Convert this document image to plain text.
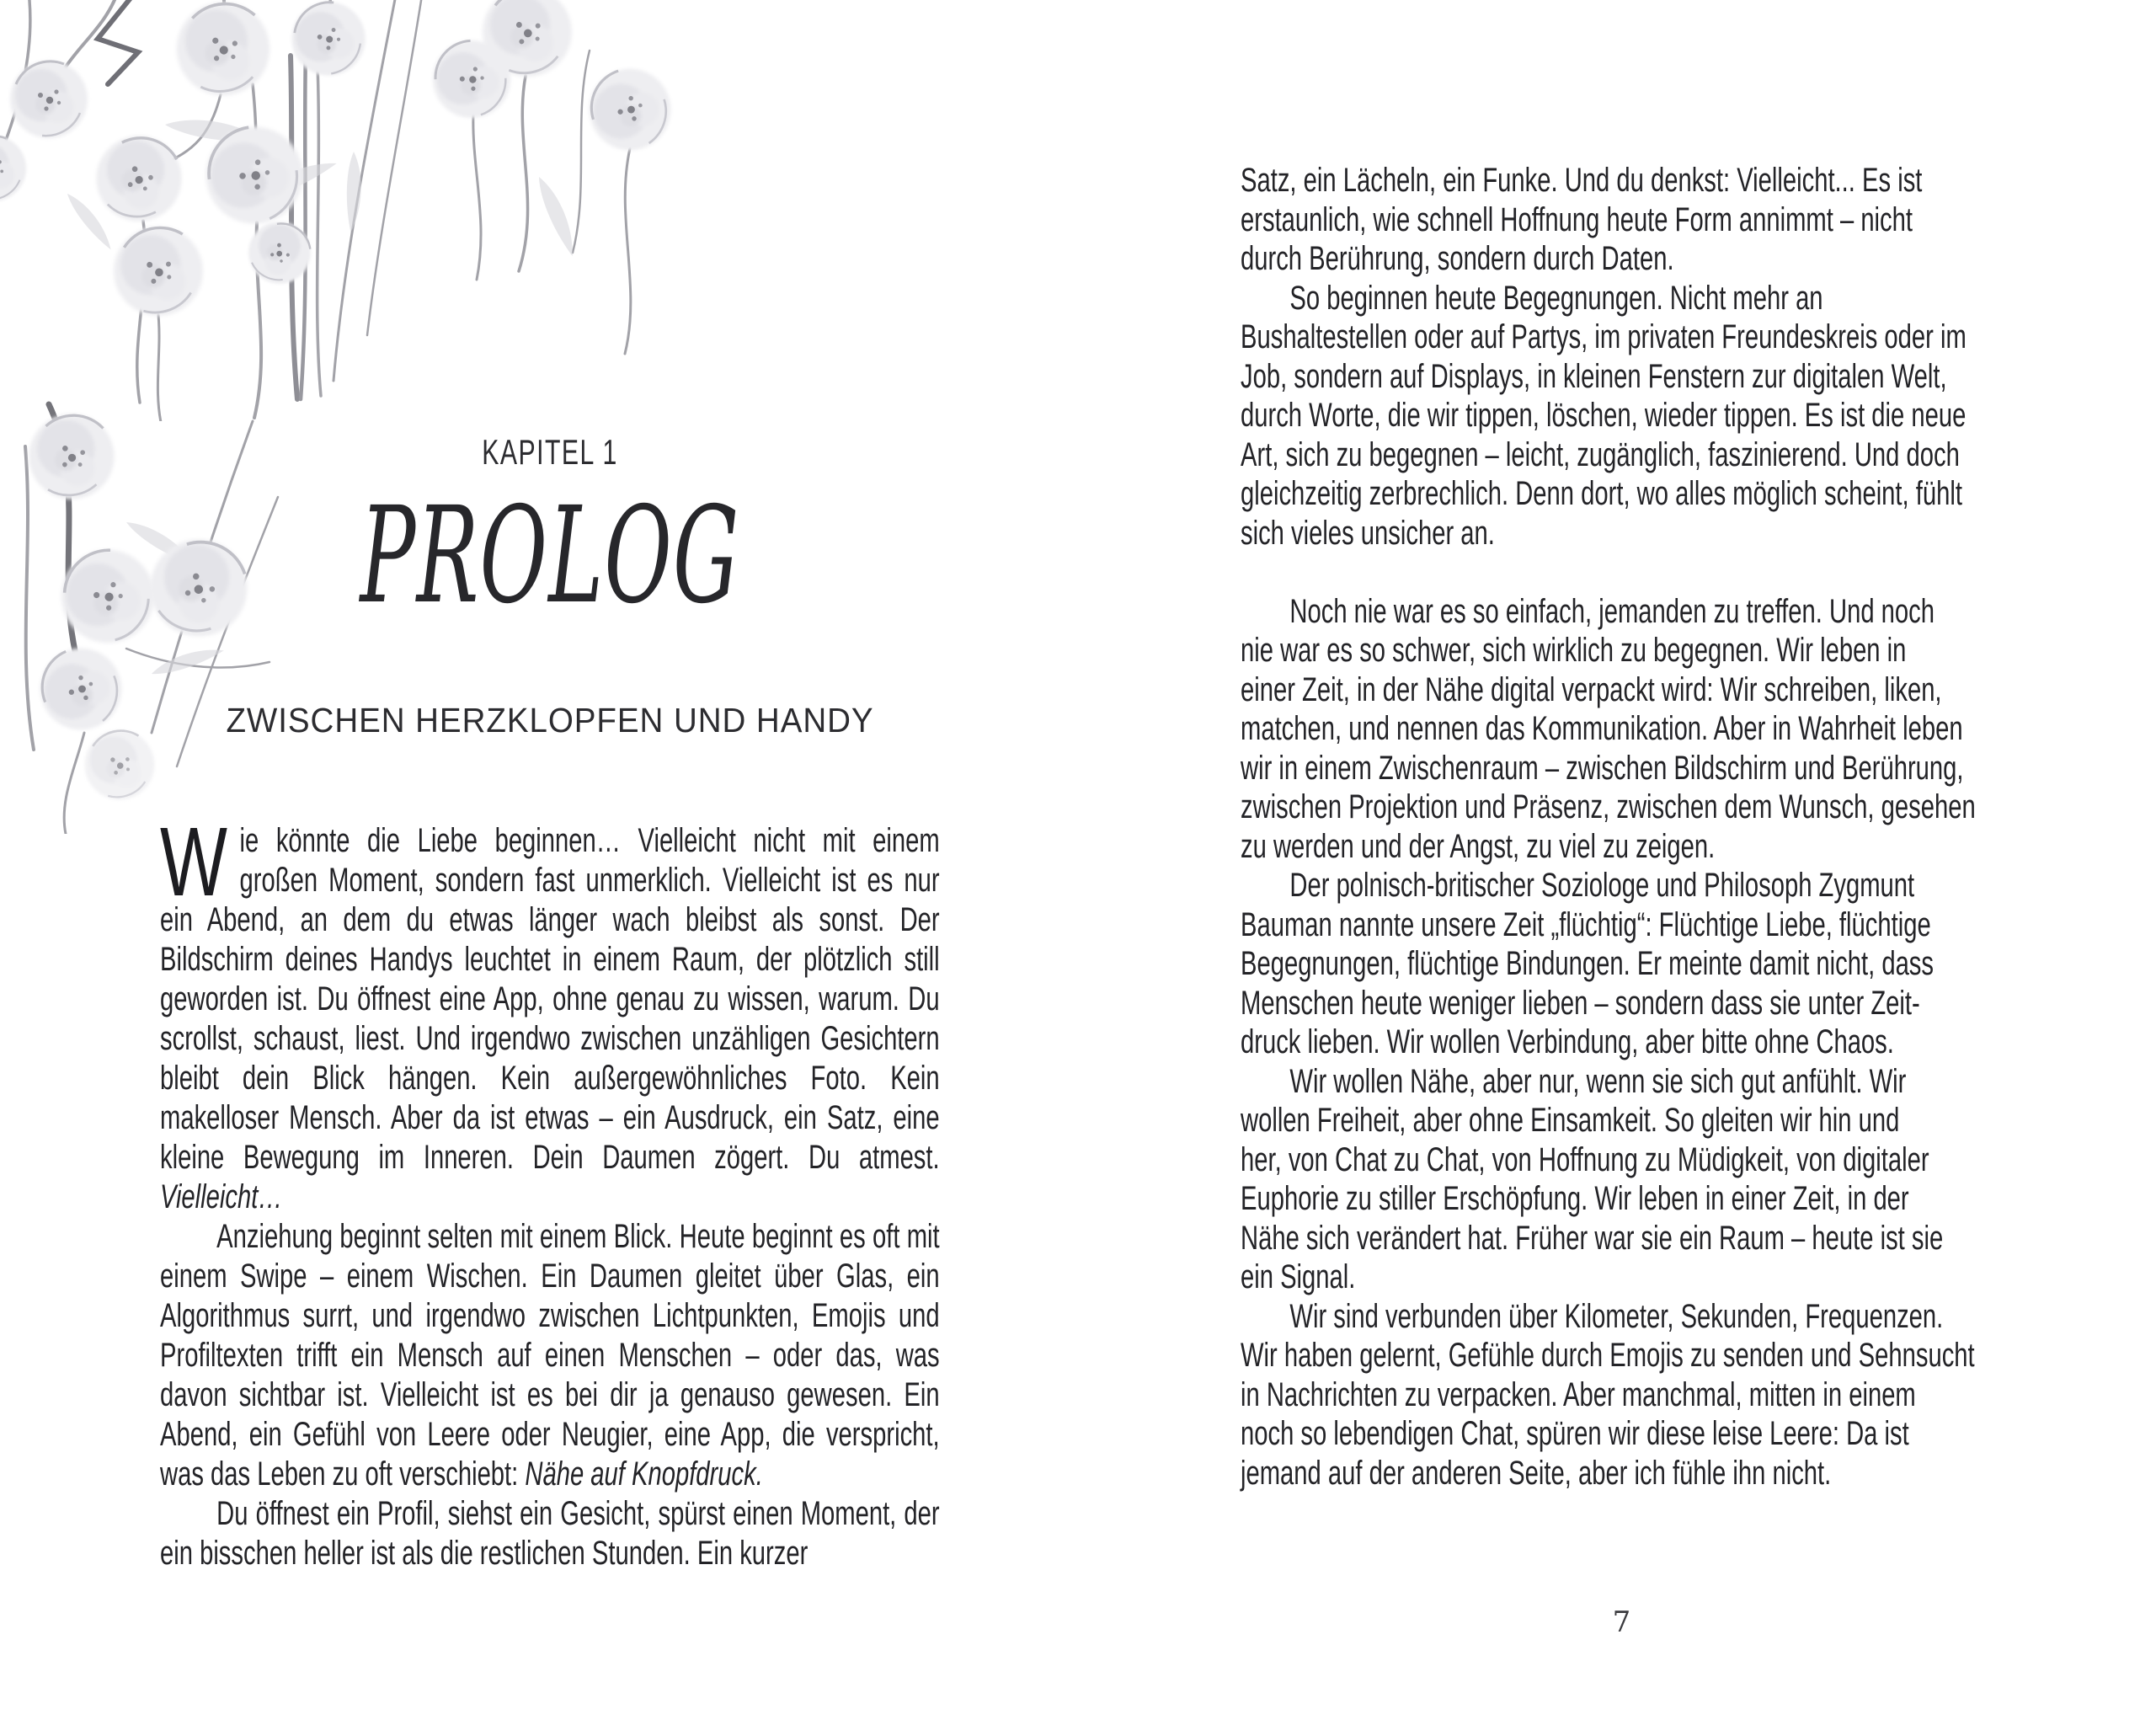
KAPITEL 1
PROLOG
ZWISCHEN HERZKLOPFEN UND HANDY

Wie könnte die Liebe beginnen… Vielleicht nicht mit einem großen Moment, sondern fast unmerklich. Vielleicht ist es nur ein Abend, an dem du etwas länger wach bleibst als sonst. Der Bildschirm deines Handys leuchtet in einem Raum, der plötzlich still geworden ist. Du öffnest eine App, ohne genau zu wissen, warum. Du scrollst, schaust, liest. Und irgendwo zwischen unzähligen Gesichtern bleibt dein Blick hängen. Kein außergewöhnliches Foto. Kein makelloser Mensch. Aber da ist etwas – ein Ausdruck, ein Satz, eine kleine Bewegung im Inneren. Dein Daumen zögert. Du atmest. Vielleicht…

Anziehung beginnt selten mit einem Blick. Heute beginnt es oft mit einem Swipe – einem Wischen. Ein Daumen gleitet über Glas, ein Algorithmus surrt, und irgendwo zwischen Lichtpunkten, Emojis und Profiltexten trifft ein Mensch auf einen Menschen – oder das, was davon sichtbar ist. Vielleicht ist es bei dir ja genauso gewesen. Ein Abend, ein Gefühl von Leere oder Neugier, eine App, die verspricht, was das Leben zu oft verschiebt: Nähe auf Knopfdruck.

Du öffnest ein Profil, siehst ein Gesicht, spürst einen Moment, der ein bisschen heller ist als die restlichen Stunden. Ein kurzer

Satz, ein Lächeln, ein Funke. Und du denkst: Vielleicht... Es ist
erstaunlich, wie schnell Hoffnung heute Form annimmt – nicht
durch Berührung, sondern durch Daten.
So beginnen heute Begegnungen. Nicht mehr an
Bushaltestellen oder auf Partys, im privaten Freundeskreis oder im
Job, sondern auf Displays, in kleinen Fenstern zur digitalen Welt,
durch Worte, die wir tippen, löschen, wieder tippen. Es ist die neue
Art, sich zu begegnen – leicht, zugänglich, faszinierend. Und doch
gleichzeitig zerbrechlich. Denn dort, wo alles möglich scheint, fühlt
sich vieles unsicher an.

Noch nie war es so einfach, jemanden zu treffen. Und noch
nie war es so schwer, sich wirklich zu begegnen. Wir leben in
einer Zeit, in der Nähe digital verpackt wird: Wir schreiben, liken,
matchen, und nennen das Kommunikation. Aber in Wahrheit leben
wir in einem Zwischenraum – zwischen Bildschirm und Berührung,
zwischen Projektion und Präsenz, zwischen dem Wunsch, gesehen
zu werden und der Angst, zu viel zu zeigen.
Der polnisch-britischer Soziologe und Philosoph Zygmunt
Bauman nannte unsere Zeit „flüchtig“: Flüchtige Liebe, flüchtige
Begegnungen, flüchtige Bindungen. Er meinte damit nicht, dass
Menschen heute weniger lieben – sondern dass sie unter Zeit-
druck lieben. Wir wollen Verbindung, aber bitte ohne Chaos.
Wir wollen Nähe, aber nur, wenn sie sich gut anfühlt. Wir
wollen Freiheit, aber ohne Einsamkeit. So gleiten wir hin und
her, von Chat zu Chat, von Hoffnung zu Müdigkeit, von digitaler
Euphorie zu stiller Erschöpfung. Wir leben in einer Zeit, in der
Nähe sich verändert hat. Früher war sie ein Raum – heute ist sie
ein Signal.
Wir sind verbunden über Kilometer, Sekunden, Frequenzen.
Wir haben gelernt, Gefühle durch Emojis zu senden und Sehnsucht
in Nachrichten zu verpacken. Aber manchmal, mitten in einem
noch so lebendigen Chat, spüren wir diese leise Leere: Da ist
jemand auf der anderen Seite, aber ich fühle ihn nicht.
7
